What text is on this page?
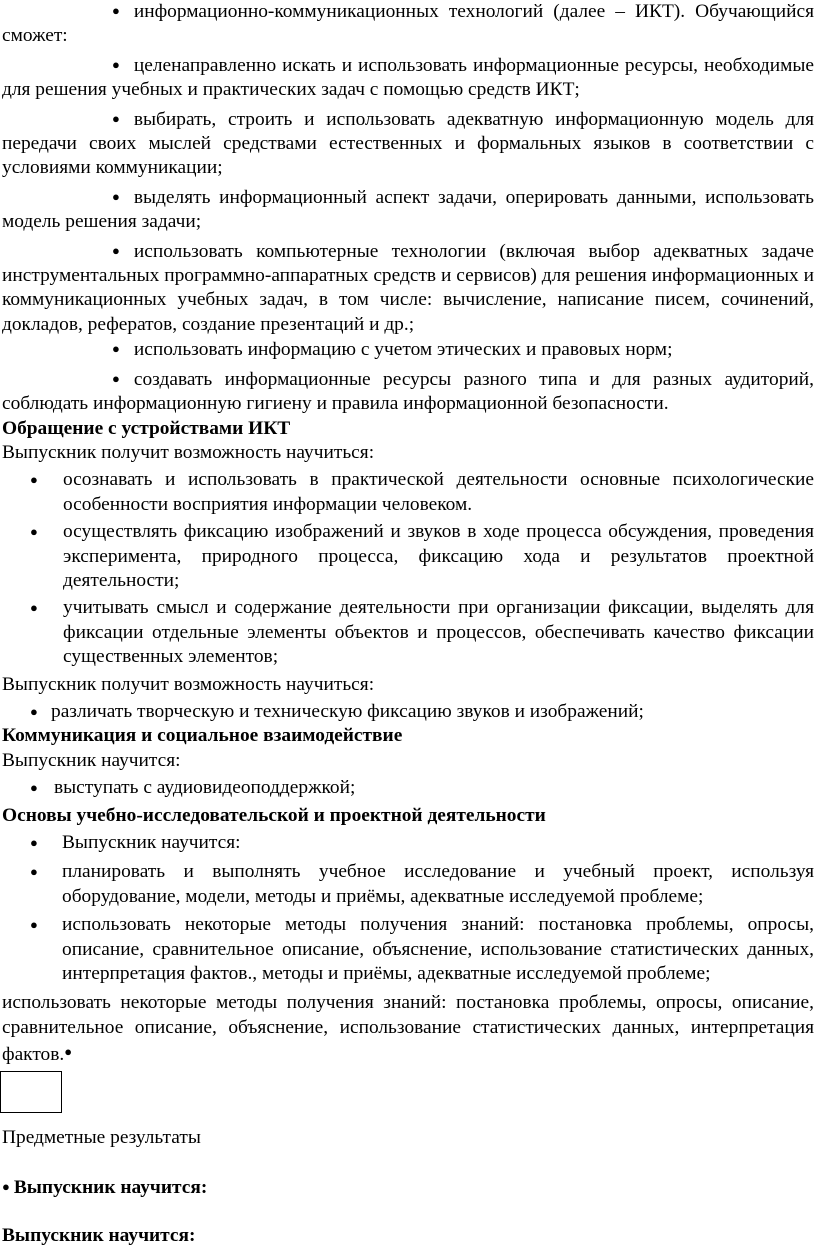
● информационно-коммуникационных технологий (далее – ИКТ). Обучающийся сможет:

● целенаправленно искать и использовать информационные ресурсы, необходимые для решения учебных и практических задач с помощью средств ИКТ;

● выбирать, строить и использовать адекватную информационную модель для передачи своих мыслей средствами естественных и формальных языков в соответствии с условиями коммуникации;

● выделять информационный аспект задачи, оперировать данными, использовать модель решения задачи;

● использовать компьютерные технологии (включая выбор адекватных задаче инструментальных программно-аппаратных средств и сервисов) для решения информационных и коммуникационных учебных задач, в том числе: вычисление, написание писем, сочинений, докладов, рефератов, создание презентаций и др.;

● использовать информацию с учетом этических и правовых норм;

● создавать информационные ресурсы разного типа и для разных аудиторий, соблюдать информационную гигиену и правила информационной безопасности.

Обращение с устройствами ИКТ

Выпускник получит возможность научиться:

● осознавать и использовать в практической деятельности основные психологические особенности восприятия информации человеком.

● осуществлять фиксацию изображений и звуков в ходе процесса обсуждения, проведения эксперимента, природного процесса, фиксацию хода и результатов проектной деятельности;

● учитывать смысл и содержание деятельности при организации фиксации, выделять для фиксации отдельные элементы объектов и процессов, обеспечивать качество фиксации существенных элементов;

Выпускник получит возможность научиться:

● различать творческую и техническую фиксацию звуков и изображений;

Коммуникация и социальное взаимодействие

Выпускник научится:

● выступать с аудиовидеоподдержкой;

Основы учебно-исследовательской и проектной деятельности

● Выпускник научится:

● планировать и выполнять учебное исследование и учебный проект, используя оборудование, модели, методы и приёмы, адекватные исследуемой проблеме;

● использовать некоторые методы получения знаний: постановка проблемы, опросы, описание, сравнительное описание, объяснение, использование статистических данных, интерпретация фактов., методы и приёмы, адекватные исследуемой проблеме;

использовать некоторые методы получения знаний: постановка проблемы, опросы, описание, сравнительное описание, объяснение, использование статистических данных, интерпретация фактов.●

Предметные результаты

● Выпускник научится:

Выпускник научится:
